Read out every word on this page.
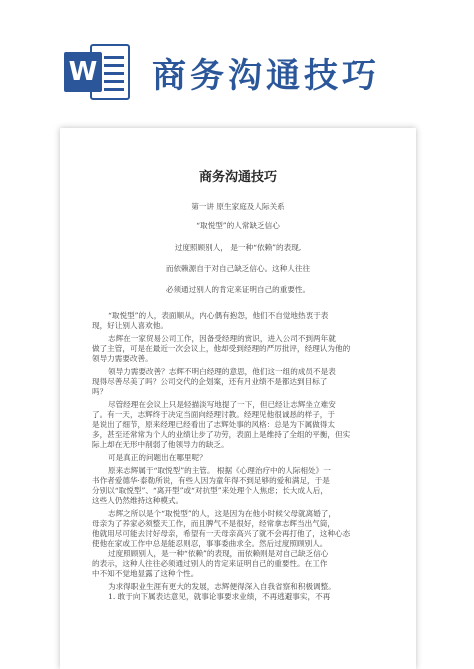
W 商务沟通技巧
商务沟通技巧
第一讲 原生家庭及人际关系
“取悦型”的人常缺乏信心
过度照顾别人， 是一种“依赖”的表现,
而依赖源自于对自己缺乏信心。这种人往往
必须通过别人的肯定来证明自己的重要性。
“取悦型”的人，表面顺从，内心偶有抱怨，他们不自觉地热衷于表
现，好让别人喜欢他。
志辉在一家贸易公司工作，因备受经理的赏识，进入公司不到两年就
做了主管，可是在最近一次会议上，他却受到经理的严厉批评，经理认为他的
领导力需要改善。
领导力需要改善？志辉不明白经理的意思，他们这一组的成员不是表
现得尽善尽美了吗？公司交代的企划案，还有月业绩不是都达到目标了
吗？
尽管经理在会议上只是轻描淡写地提了一下，但已经让志辉坐立难安
了。有一天，志辉终于决定当面向经理讨教。经理见他很诚恳的样子，于
是说出了细节，原来经理已经看出了志辉处事的风格：总是为下属做得太
多，甚至还常常为个人的业绩让步了功劳，表面上是维持了全组的平衡，但实
际上却在无形中削弱了他领导力的缺乏。
可是真正的问题出在哪里呢？
原来志辉属于“取悦型”的主管。 根据《心理治疗中的人际相处》一
书作者爱德华·泰勒所说，有些人因为童年得不到足够的爱和满足，于是
分别以“取悦型”、“离开型”或“对抗型”来处理个人焦虑；长大成人后，
这些人仍然维持这种模式。
志辉之所以是个“取悦型”的人，这是因为在他小时候父母就离婚了，
母亲为了养家必须整天工作，而且脾气不是很好，经常拿志辉当出气筒，
他就用尽可能去讨好母亲，希望有一天母亲高兴了就不会再打他了，这种心态
使他在家或工作中总是能忍则忍，事事委曲求全。然后过度照顾别人。
过度照顾别人，是一种“依赖”的表现，而依赖则是对自己缺乏信心
的表示，这种人往往必须通过别人的肯定来证明自己的重要性。在工作
中不知不觉地显露了这种个性。
为求得职业生涯有更大的发展，志辉便得深入自我省察和积极调整。
1. 敢于向下属表达意见，就事论事要求业绩，不再逃避事实，不再
